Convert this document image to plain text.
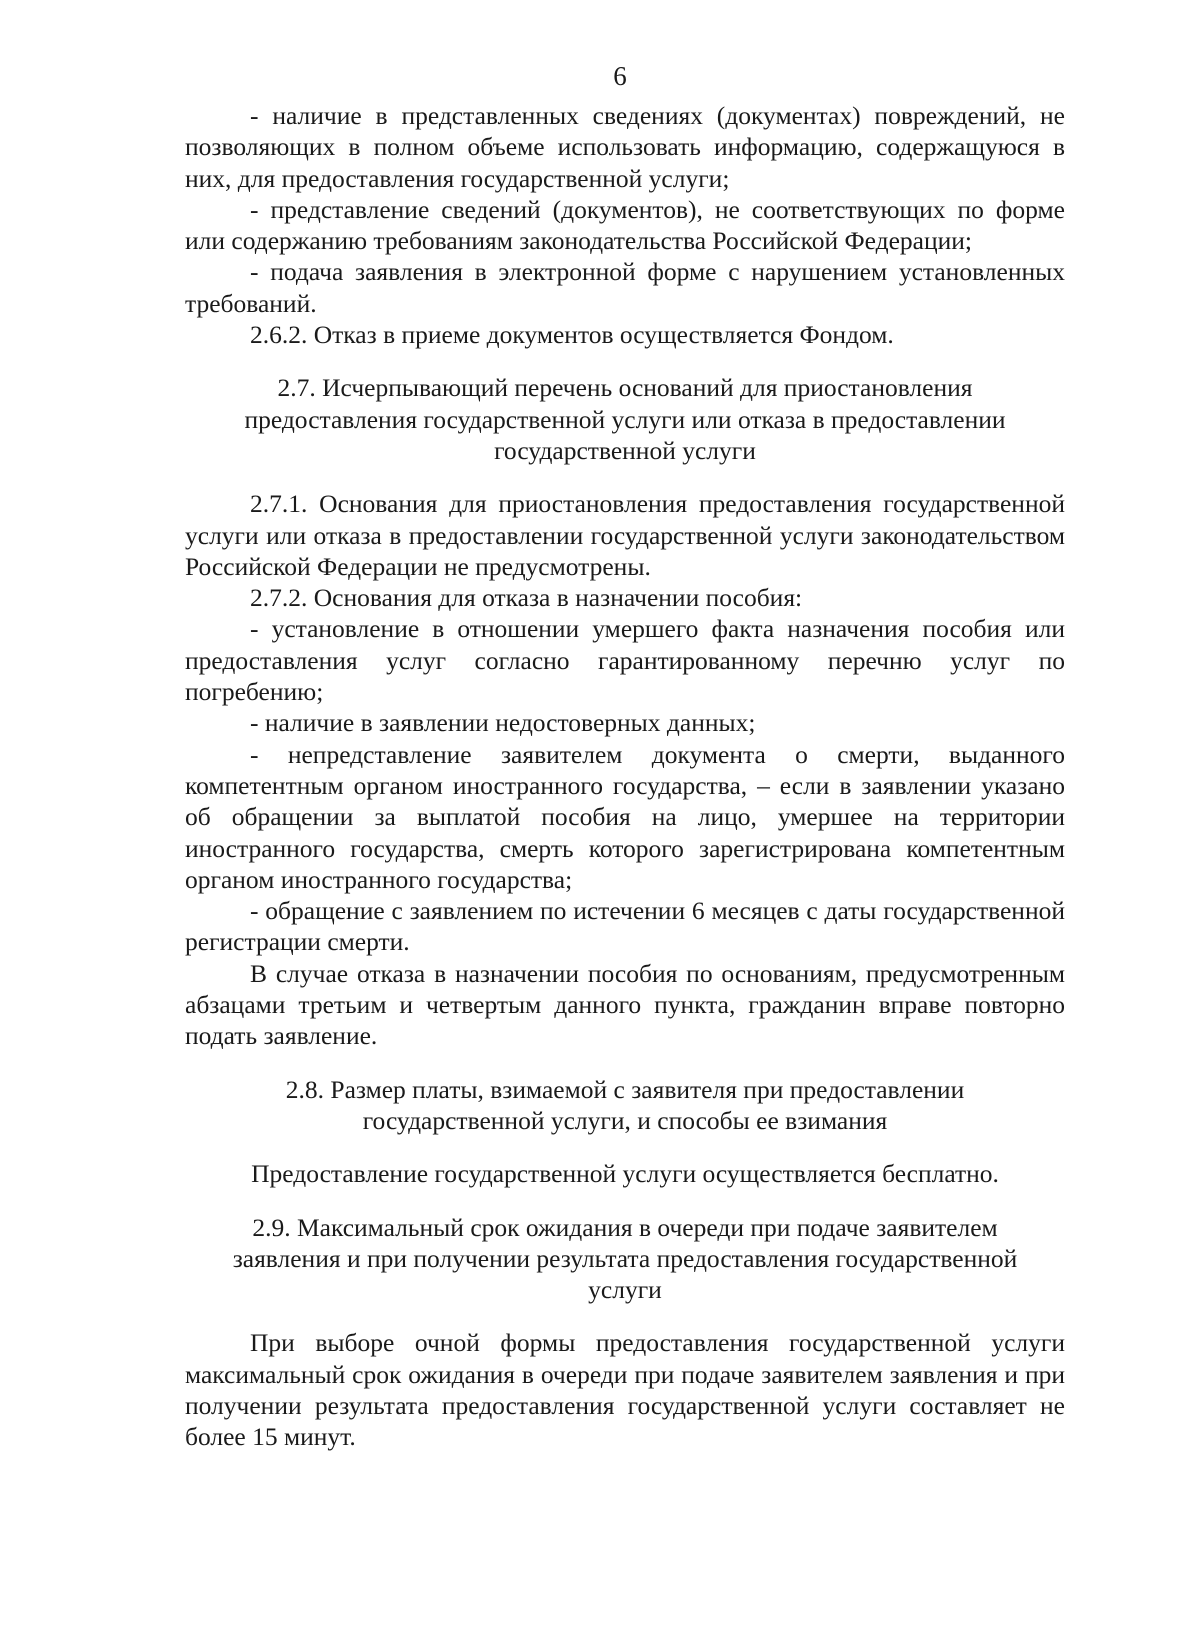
6

- наличие в представленных сведениях (документах) повреждений, не позволяющих в полном объеме использовать информацию, содержащуюся в них, для предоставления государственной услуги;

- представление сведений (документов), не соответствующих по форме или содержанию требованиям законодательства Российской Федерации;

- подача заявления в электронной форме с нарушением установленных требований.

2.6.2. Отказ в приеме документов осуществляется Фондом.

2.7. Исчерпывающий перечень оснований для приостановления предоставления государственной услуги или отказа в предоставлении государственной услуги

2.7.1. Основания для приостановления предоставления государственной услуги или отказа в предоставлении государственной услуги законодательством Российской Федерации не предусмотрены.

2.7.2. Основания для отказа в назначении пособия:

- установление в отношении умершего факта назначения пособия или предоставления услуг согласно гарантированному перечню услуг по погребению;

- наличие в заявлении недостоверных данных;

- непредставление заявителем документа о смерти, выданного компетентным органом иностранного государства, – если в заявлении указано об обращении за выплатой пособия на лицо, умершее на территории иностранного государства, смерть которого зарегистрирована компетентным органом иностранного государства;

- обращение с заявлением по истечении 6 месяцев с даты государственной регистрации смерти.

В случае отказа в назначении пособия по основаниям, предусмотренным абзацами третьим и четвертым данного пункта, гражданин вправе повторно подать заявление.

2.8. Размер платы, взимаемой с заявителя при предоставлении государственной услуги, и способы ее взимания

Предоставление государственной услуги осуществляется бесплатно.

2.9. Максимальный срок ожидания в очереди при подаче заявителем заявления и при получении результата предоставления государственной услуги

При выборе очной формы предоставления государственной услуги максимальный срок ожидания в очереди при подаче заявителем заявления и при получении результата предоставления государственной услуги составляет не более 15 минут.
